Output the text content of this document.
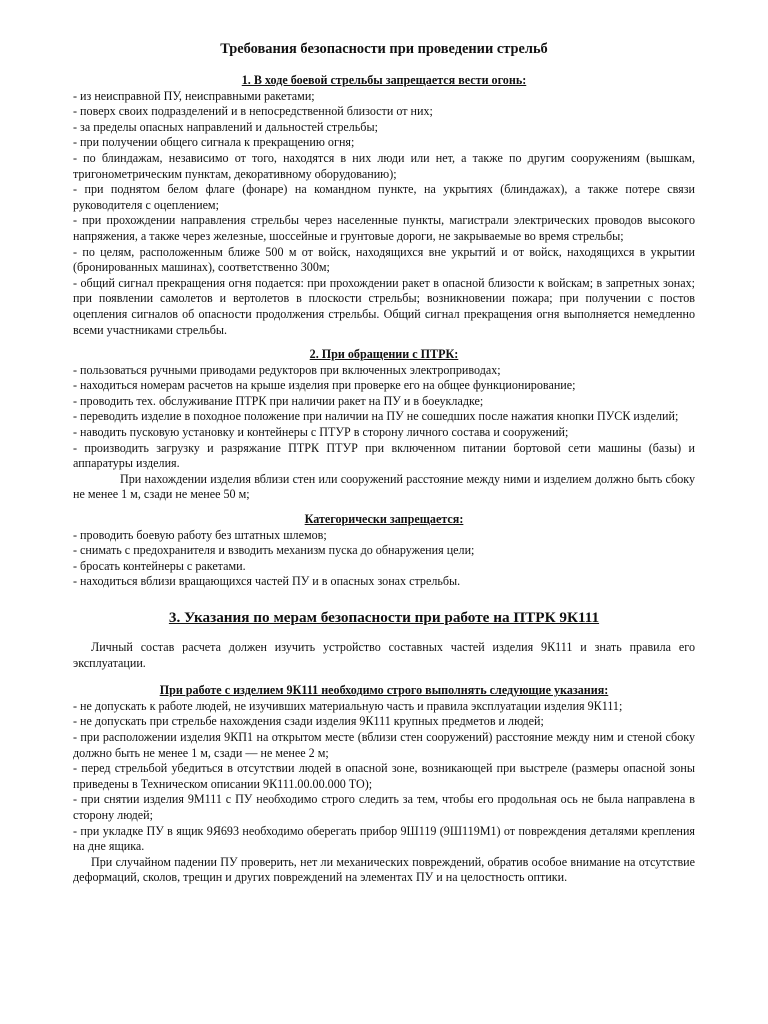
Требования безопасности при проведении стрельб
1. В ходе боевой стрельбы запрещается вести огонь:
- из неисправной ПУ, неисправными ракетами;
- поверх своих подразделений и в непосредственной близости от них;
- за пределы опасных направлений и дальностей стрельбы;
- при получении общего сигнала к прекращению огня;
- по блиндажам, независимо от того, находятся в них люди или нет, а также по другим сооружениям (вышкам, тригонометрическим пунктам, декоративному оборудованию);
- при поднятом белом флаге (фонаре) на командном пункте, на укрытиях (блиндажах), а также потере связи руководителя с оцеплением;
- при прохождении направления стрельбы через населенные пункты, магистрали электрических проводов высокого напряжения, а также через железные, шоссейные и грунтовые дороги, не закрываемые во время стрельбы;
- по целям, расположенным ближе 500 м от войск, находящихся вне укрытий и от войск, находящихся в укрытии (бронированных машинах), соответственно 300м;
- общий сигнал прекращения огня подается: при прохождении ракет в опасной близости к войскам; в запретных зонах; при появлении самолетов и вертолетов в плоскости стрельбы; возникновении пожара; при получении с постов оцепления сигналов об опасности продолжения стрельбы. Общий сигнал прекращения огня выполняется немедленно всеми участниками стрельбы.
2. При обращении с ПТРК:
- пользоваться ручными приводами редукторов при включенных электроприводах;
- находиться номерам расчетов на крыше изделия при проверке его на общее функционирование;
- проводить тех. обслуживание ПТРК при наличии ракет на ПУ и в боеукладке;
- переводить изделие в походное положение при наличии на ПУ не сошедших после нажатия кнопки ПУСК изделий;
- наводить пусковую установку и контейнеры с ПТУР в сторону личного состава и сооружений;
- производить загрузку и разряжание ПТРК ПТУР при включенном питании бортовой сети машины (базы) и аппаратуры изделия.

При нахождении изделия вблизи стен или сооружений расстояние между ними и изделием должно быть сбоку не менее 1 м, сзади не менее 50 м;

Категорически запрещается:
- проводить боевую работу без штатных шлемов;
- снимать с предохранителя и взводить механизм пуска до обнаружения цели;
- бросать контейнеры с ракетами.
- находиться вблизи вращающихся частей ПУ и в опасных зонах стрельбы.
3. Указания по мерам безопасности при работе на ПТРК 9К111

Личный состав расчета должен изучить устройство составных частей изделия 9К111 и знать правила его эксплуатации.

При работе с изделием 9К111 необходимо строго выполнять следующие указания:
- не допускать к работе людей, не изучивших материальную часть и правила эксплуатации изделия 9К111;
- не допускать при стрельбе нахождения сзади изделия 9К111 крупных предметов и людей;
- при расположении изделия 9КП1 на открытом месте (вблизи стен сооружений) расстояние между ним и стеной сбоку должно быть не менее 1 м, сзади — не менее 2 м;
- перед стрельбой убедиться в отсутствии людей в опасной зоне, возникающей при выстреле (размеры опасной зоны приведены в Техническом описании 9К111.00.00.000 ТО);
- при снятии изделия 9М111 с ПУ необходимо строго следить за тем, чтобы его продольная ось не была направлена в сторону людей;
- при укладке ПУ в ящик 9Я693 необходимо оберегать прибор 9Ш119 (9Ш119М1) от повреждения деталями крепления на дне ящика.

При случайном падении ПУ проверить, нет ли механических повреждений, обратив особое внимание на отсутствие деформаций, сколов, трещин и других повреждений на элементах ПУ и на целостность оптики.
